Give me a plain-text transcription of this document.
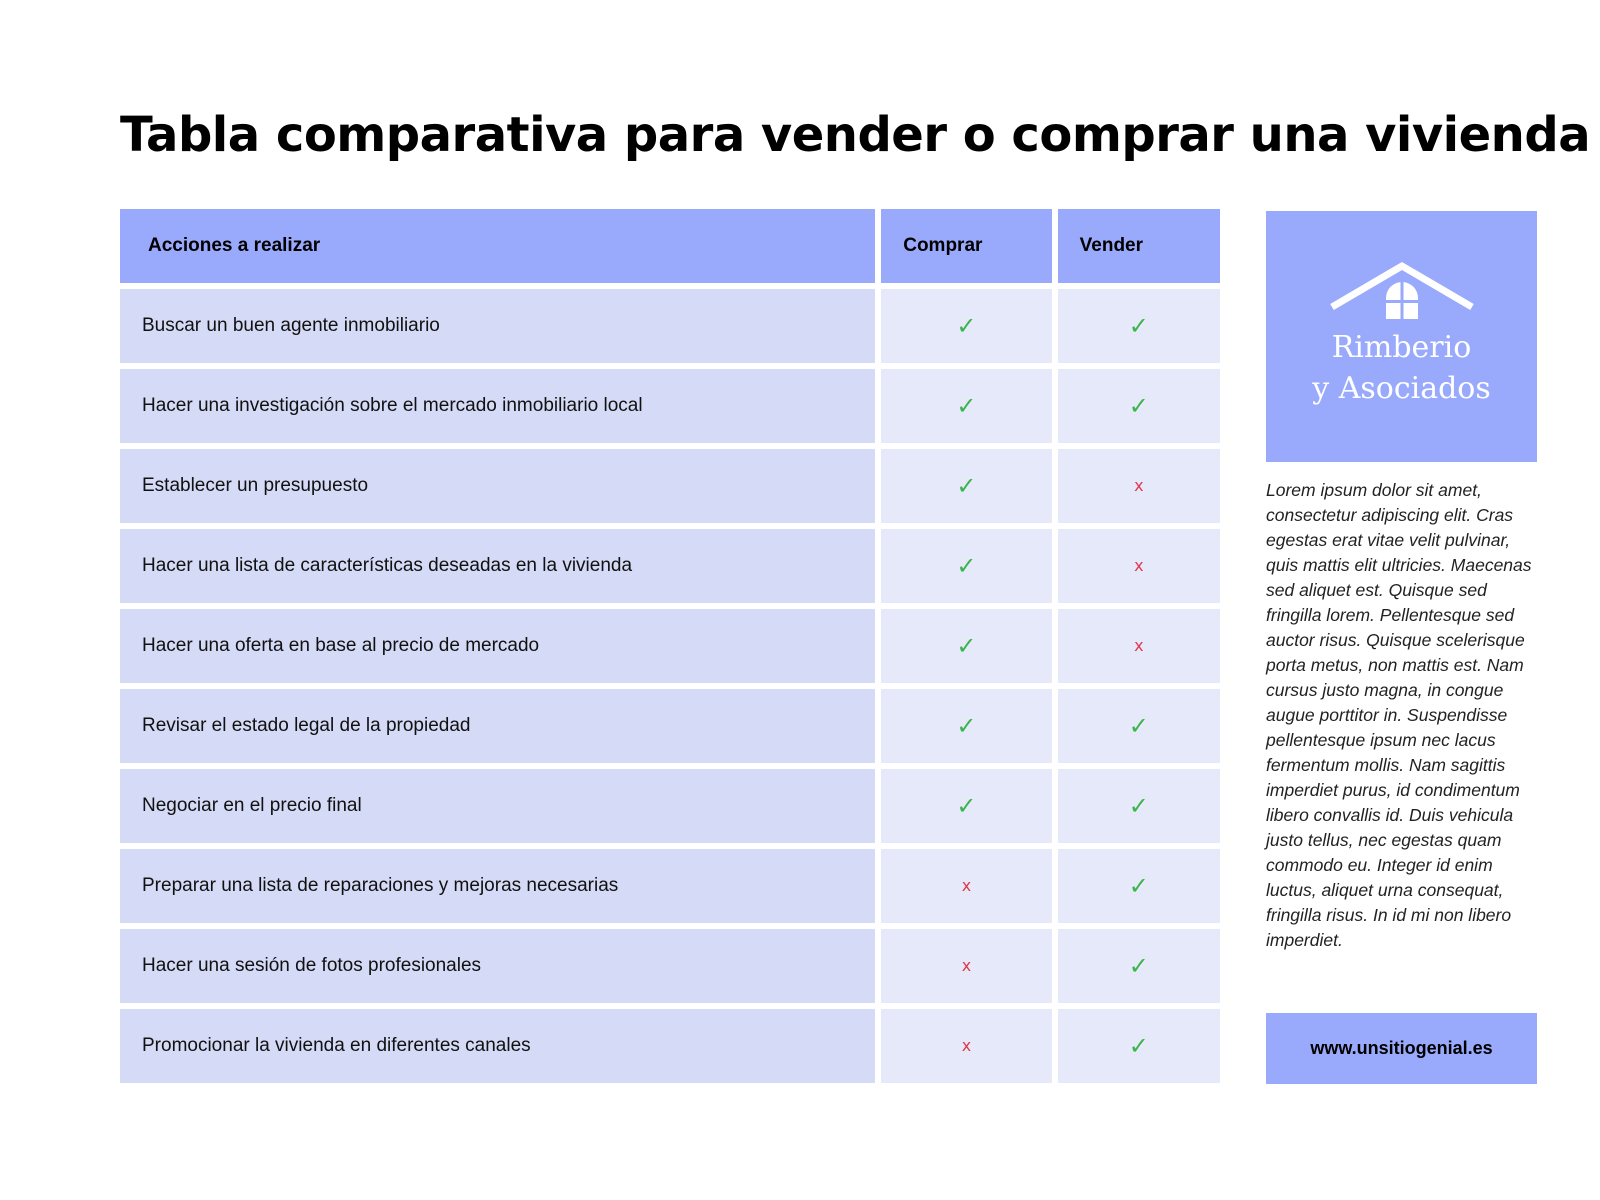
Tabla comparativa para vender o comprar una vivienda
Acciones a realizar	Comprar	Vender
Buscar un buen agente inmobiliario	✓	✓
Hacer una investigación sobre el mercado inmobiliario local	✓	✓
Establecer un presupuesto	✓	x
Hacer una lista de características deseadas en la vivienda	✓	x
Hacer una oferta en base al precio de mercado	✓	x
Revisar el estado legal de la propiedad	✓	✓
Negociar en el precio final	✓	✓
Preparar una lista de reparaciones y mejoras necesarias	x	✓
Hacer una sesión de fotos profesionales	x	✓
Promocionar la vivienda en diferentes canales	x	✓
Rimberio
y Asociados

Lorem ipsum dolor sit amet, consectetur adipiscing elit. Cras egestas erat vitae velit pulvinar, quis mattis elit ultricies. Maecenas sed aliquet est. Quisque sed fringilla lorem. Pellentesque sed auctor risus. Quisque scelerisque porta metus, non mattis est. Nam cursus justo magna, in congue augue porttitor in. Suspendisse pellentesque ipsum nec lacus fermentum mollis. Nam sagittis imperdiet purus, id condimentum libero convallis id. Duis vehicula justo tellus, nec egestas quam commodo eu. Integer id enim luctus, aliquet urna consequat, fringilla risus. In id mi non libero imperdiet.

www.unsitiogenial.es
